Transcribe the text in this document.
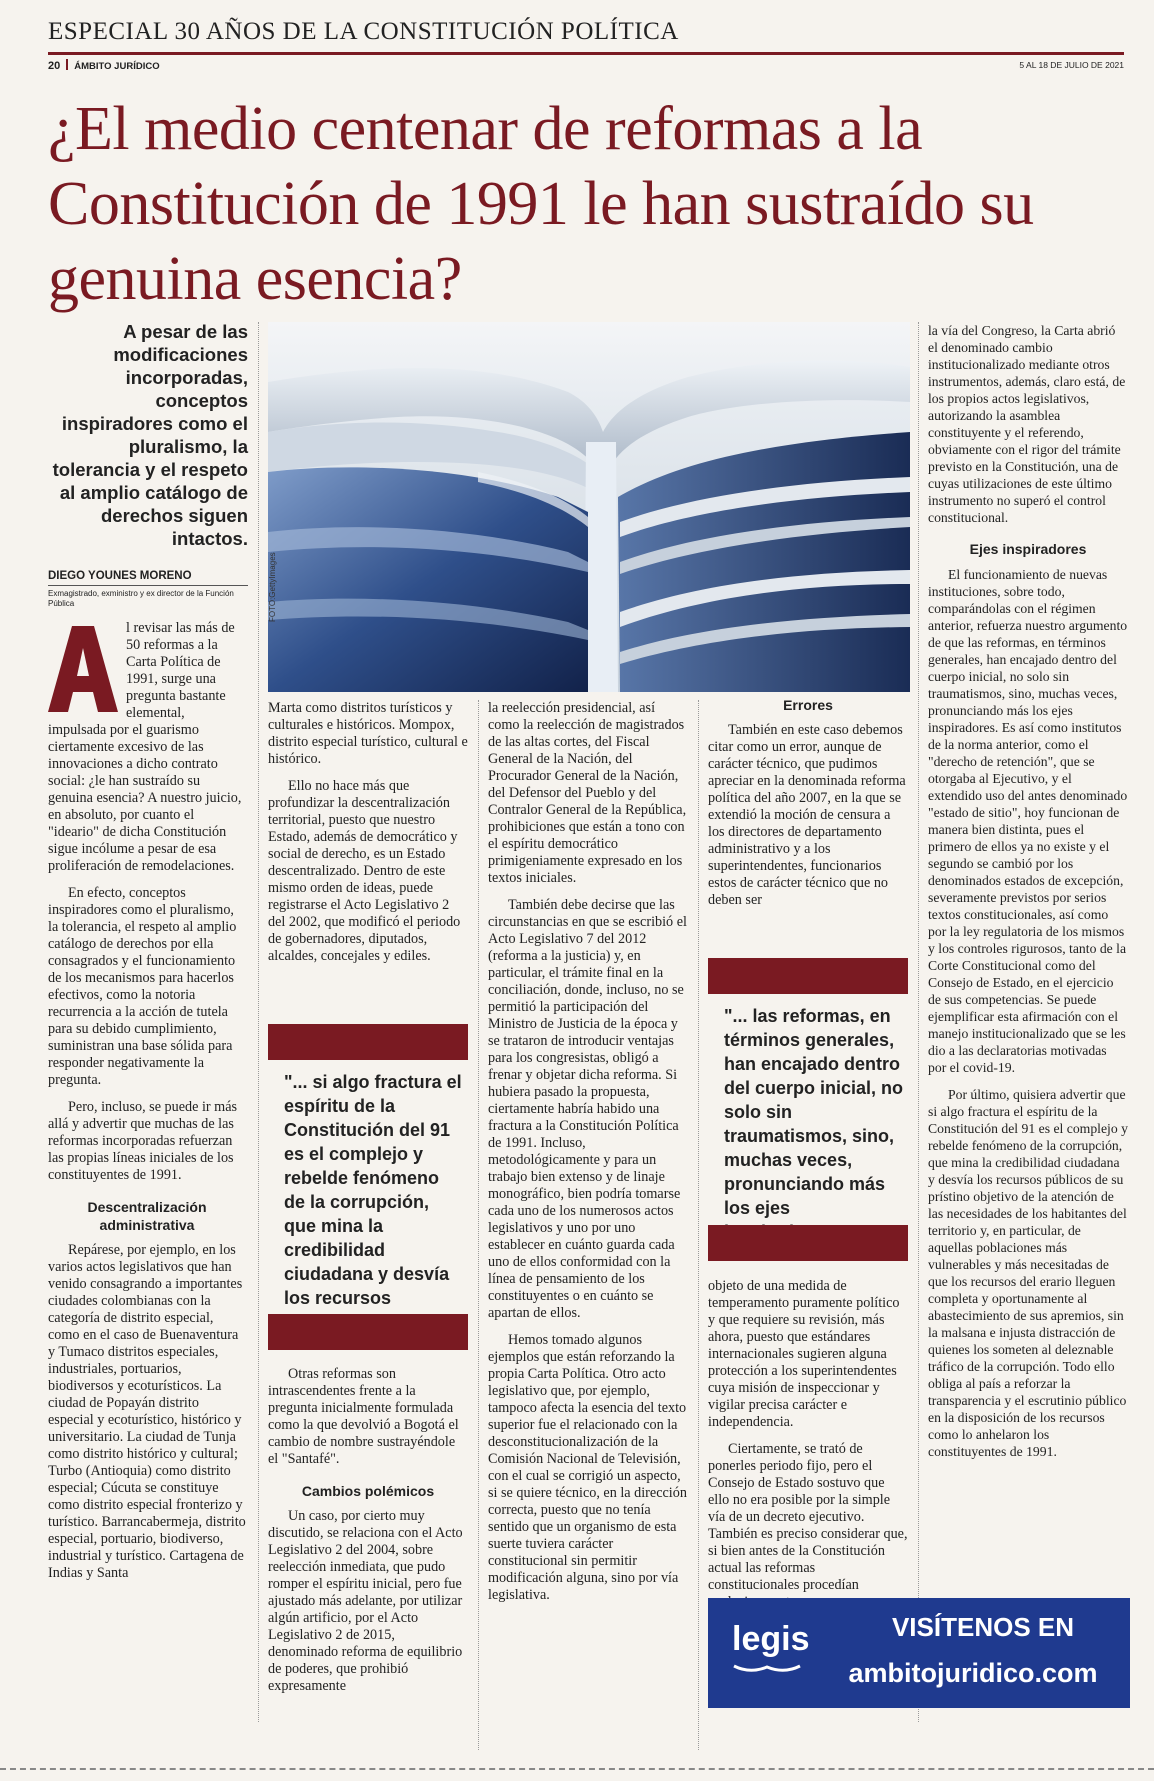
ESPECIAL 30 AÑOS DE LA CONSTITUCIÓN POLÍTICA
20 ÁMBITO JURÍDICO	5 AL 18 DE JULIO DE 2021
¿El medio centenar de reformas a la Constitución de 1991 le han sustraído su genuina esencia?
A pesar de las modificaciones incorporadas, conceptos inspiradores como el pluralismo, la tolerancia y el respeto al amplio catálogo de derechos siguen intactos.
DIEGO YOUNES MORENO
Exmagistrado, exministro y ex director de la Función Pública	FOTO:GettyImages

l revisar las más de 50 reformas a la Carta Política de 1991, surge una pregunta bastante elemental, impulsada por el guarismo ciertamente excesivo de las innovaciones a dicho contrato social: ¿le han sustraído su genuina esencia? A nuestro juicio, en absoluto, por cuanto el "ideario" de dicha Constitución sigue incólume a pesar de esa proliferación de remodelaciones.

En efecto, conceptos inspiradores como el pluralismo, la tolerancia, el respeto al amplio catálogo de derechos por ella consagrados y el funcionamiento de los mecanismos para hacerlos efectivos, como la notoria recurrencia a la acción de tutela para su debido cumplimiento, suministran una base sólida para responder negativamente la pregunta.

Pero, incluso, se puede ir más allá y advertir que muchas de las reformas incorporadas refuerzan las propias líneas iniciales de los constituyentes de 1991.

Descentralización administrativa

Repárese, por ejemplo, en los varios actos legislativos que han venido consagrando a importantes ciudades colombianas con la categoría de distrito especial, como en el caso de Buenaventura y Tumaco distritos especiales, industriales, portuarios, biodiversos y ecoturísticos. La ciudad de Popayán distrito especial y ecoturístico, histórico y universitario. La ciudad de Tunja como distrito histórico y cultural; Turbo (Antioquia) como distrito especial; Cúcuta se constituye como distrito especial fronterizo y turístico. Barrancabermeja, distrito especial, portuario, biodiverso, industrial y turístico. Cartagena de Indias y Santa

Marta como distritos turísticos y culturales e históricos. Mompox, distrito especial turístico, cultural e histórico.

Ello no hace más que profundizar la descentralización territorial, puesto que nuestro Estado, además de democrático y social de derecho, es un Estado descentralizado. Dentro de este mismo orden de ideas, puede registrarse el Acto Legislativo 2 del 2002, que modificó el periodo de gobernadores, diputados, alcaldes, concejales y ediles.

"... si algo fractura el espíritu de la Constitución del 91 es el complejo y rebelde fenómeno de la corrupción, que mina la credibilidad ciudadana y desvía los recursos

Otras reformas son intrascendentes frente a la pregunta inicialmente formulada como la que devolvió a Bogotá el cambio de nombre sustrayéndole el "Santafé".

Cambios polémicos

Un caso, por cierto muy discutido, se relaciona con el Acto Legislativo 2 del 2004, sobre reelección inmediata, que pudo romper el espíritu inicial, pero fue ajustado más adelante, por utilizar algún artificio, por el Acto Legislativo 2 de 2015, denominado reforma de equilibrio de poderes, que prohibió expresamente

la reelección presidencial, así como la reelección de magistrados de las altas cortes, del Fiscal General de la Nación, del Procurador General de la Nación, del Defensor del Pueblo y del Contralor General de la República, prohibiciones que están a tono con el espíritu democrático primigeniamente expresado en los textos iniciales.

También debe decirse que las circunstancias en que se escribió el Acto Legislativo 7 del 2012 (reforma a la justicia) y, en particular, el trámite final en la conciliación, donde, incluso, no se permitió la participación del Ministro de Justicia de la época y se trataron de introducir ventajas para los congresistas, obligó a frenar y objetar dicha reforma. Si hubiera pasado la propuesta, ciertamente habría habido una fractura a la Constitución Política de 1991. Incluso, metodológicamente y para un trabajo bien extenso y de linaje monográfico, bien podría tomarse cada uno de los numerosos actos legislativos y uno por uno establecer en cuánto guarda cada uno de ellos conformidad con la línea de pensamiento de los constituyentes o en cuánto se apartan de ellos.

Hemos tomado algunos ejemplos que están reforzando la propia Carta Política. Otro acto legislativo que, por ejemplo, tampoco afecta la esencia del texto superior fue el relacionado con la desconstitucionalización de la Comisión Nacional de Televisión, con el cual se corrigió un aspecto, si se quiere técnico, en la dirección correcta, puesto que no tenía sentido que un organismo de esta suerte tuviera carácter constitucional sin permitir modificación alguna, sino por vía legislativa.

Errores

También en este caso debemos citar como un error, aunque de carácter técnico, que pudimos apreciar en la denominada reforma política del año 2007, en la que se extendió la moción de censura a los directores de departamento administrativo y a los superintendentes, funcionarios estos de carácter técnico que no deben ser

"... las reformas, en términos generales, han encajado dentro del cuerpo inicial, no solo sin traumatismos, sino, muchas veces, pronunciando más los ejes

objeto de una medida de temperamento puramente político y que requiere su revisión, más ahora, puesto que estándares internacionales sugieren alguna protección a los superintendentes cuya misión de inspeccionar y vigilar precisa carácter e independencia.

Ciertamente, se trató de ponerles periodo fijo, pero el Consejo de Estado sostuvo que ello no era posible por la simple vía de un decreto ejecutivo. También es preciso considerar que, si bien antes de la Constitución actual las reformas constitucionales procedían

la vía del Congreso, la Carta abrió el denominado cambio institucionalizado mediante otros instrumentos, además, claro está, de los propios actos legislativos, autorizando la asamblea constituyente y el referendo, obviamente con el rigor del trámite previsto en la Constitución, una de cuyas utilizaciones de este último instrumento no superó el control constitucional.

Ejes inspiradores

El funcionamiento de nuevas instituciones, sobre todo, comparándolas con el régimen anterior, refuerza nuestro argumento de que las reformas, en términos generales, han encajado dentro del cuerpo inicial, no solo sin traumatismos, sino, muchas veces, pronunciando más los ejes inspiradores. Es así como institutos de la norma anterior, como el "derecho de retención", que se otorgaba al Ejecutivo, y el extendido uso del antes denominado "estado de sitio", hoy funcionan de manera bien distinta, pues el primero de ellos ya no existe y el segundo se cambió por los denominados estados de excepción, severamente previstos por serios textos constitucionales, así como por la ley regulatoria de los mismos y los controles rigurosos, tanto de la Corte Constitucional como del Consejo de Estado, en el ejercicio de sus competencias. Se puede ejemplificar esta afirmación con el manejo institucionalizado que se les dio a las declaratorias motivadas por el covid-19.

Por último, quisiera advertir que si algo fractura el espíritu de la Constitución del 91 es el complejo y rebelde fenómeno de la corrupción, que mina la credibilidad ciudadana y desvía los recursos públicos de su prístino objetivo de la atención de las necesidades de los habitantes del territorio y, en particular, de aquellas poblaciones más vulnerables y más necesitadas de que los recursos del erario lleguen completa y oportunamente al abastecimiento de sus apremios, sin la malsana e injusta distracción de quienes los someten al deleznable tráfico de la corrupción. Todo ello obliga al país a reforzar la transparencia y el escrutinio público en la disposición de los recursos como lo anhelaron los constituyentes de 1991.

legis	VISÍTENOS EN
ambitojuridico.com
